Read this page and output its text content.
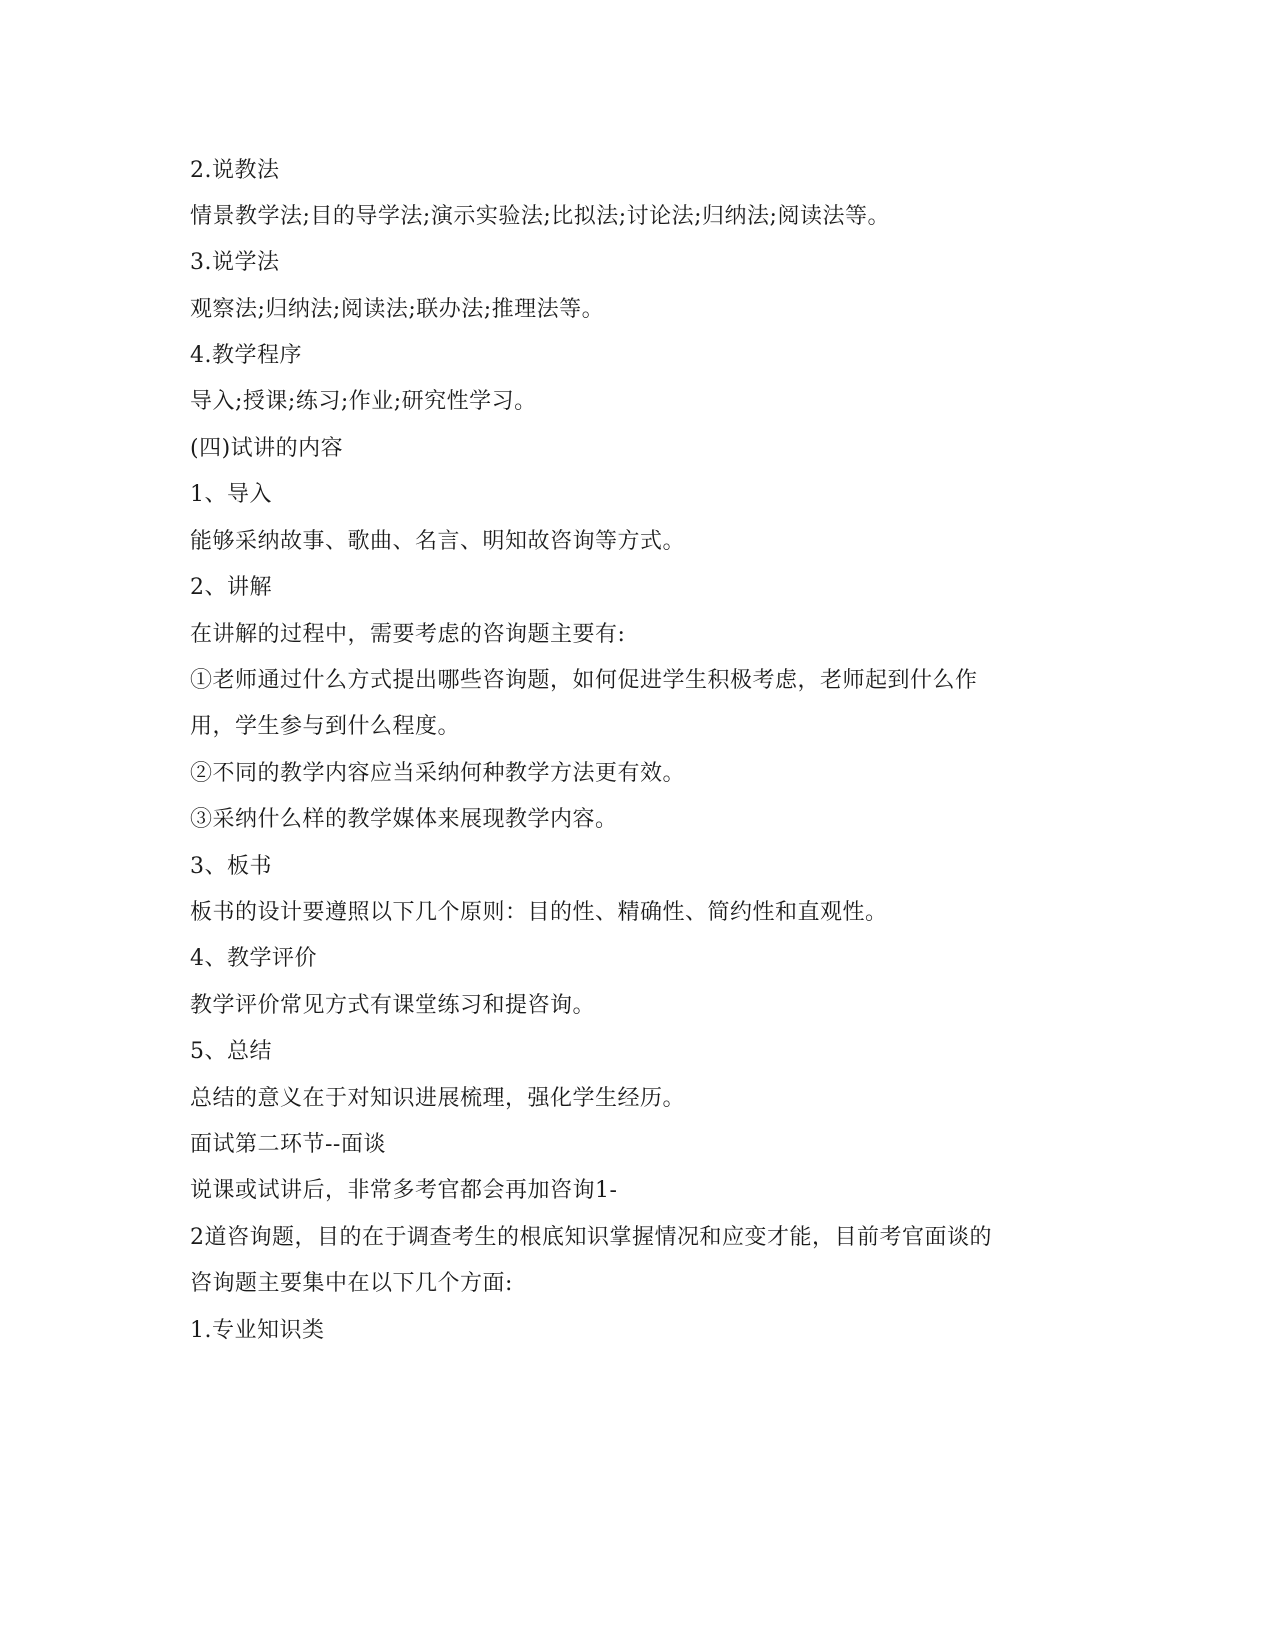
2.说教法
情景教学法;目的导学法;演示实验法;比拟法;讨论法;归纳法;阅读法等。
3.说学法
观察法;归纳法;阅读法;联办法;推理法等。
4.教学程序
导入;授课;练习;作业;研究性学习。
(四)试讲的内容
1、导入
能够采纳故事、歌曲、名言、明知故咨询等方式。
2、讲解
在讲解的过程中，需要考虑的咨询题主要有:
①老师通过什么方式提出哪些咨询题，如何促进学生积极考虑，老师起到什么作
用，学生参与到什么程度。
②不同的教学内容应当采纳何种教学方法更有效。
③采纳什么样的教学媒体来展现教学内容。
3、板书
板书的设计要遵照以下几个原则：目的性、精确性、简约性和直观性。
4、教学评价
教学评价常见方式有课堂练习和提咨询。
5、总结
总结的意义在于对知识进展梳理，强化学生经历。
面试第二环节--面谈
说课或试讲后，非常多考官都会再加咨询1-
2道咨询题，目的在于调查考生的根底知识掌握情况和应变才能，目前考官面谈的
咨询题主要集中在以下几个方面:
1.专业知识类
